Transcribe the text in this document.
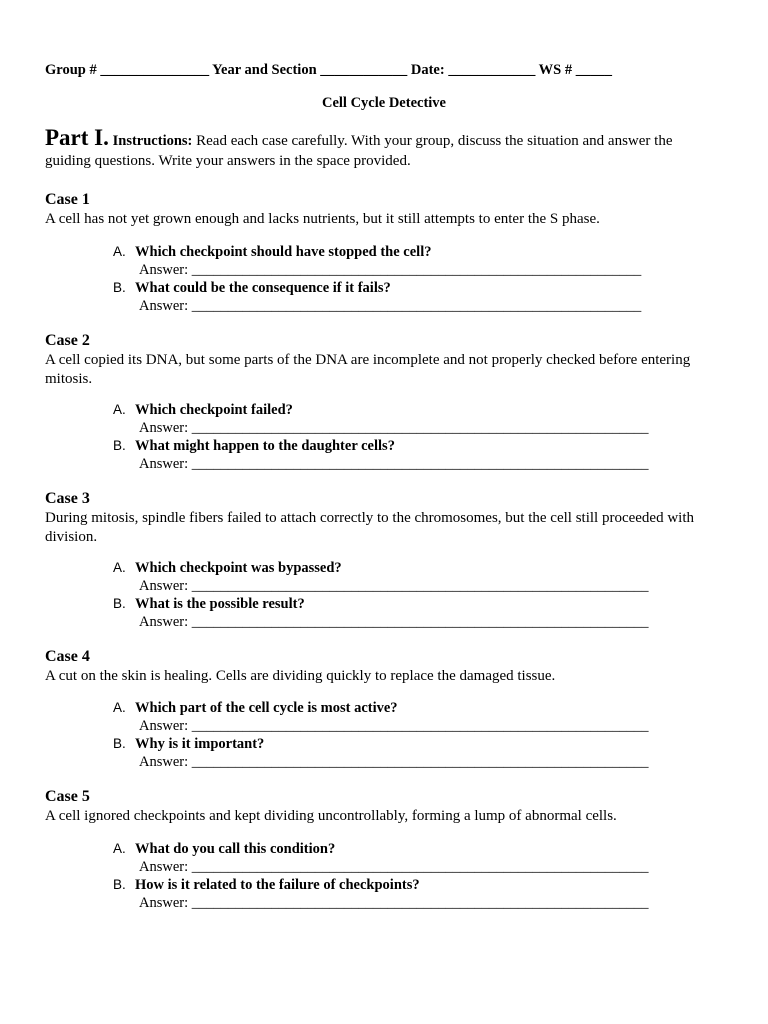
Group # _______________ Year and Section ____________ Date: ____________ WS # _____
Cell Cycle Detective
Part I. Instructions: Read each case carefully. With your group, discuss the situation and answer the guiding questions. Write your answers in the space provided.
Case 1
A cell has not yet grown enough and lacks nutrients, but it still attempts to enter the S phase.
A. Which checkpoint should have stopped the cell?
Answer: ______________________________________________________________
B. What could be the consequence if it fails?
Answer: ______________________________________________________________
Case 2
A cell copied its DNA, but some parts of the DNA are incomplete and not properly checked before entering mitosis.
A. Which checkpoint failed?
Answer: _______________________________________________________________
B. What might happen to the daughter cells?
Answer: _______________________________________________________________
Case 3
During mitosis, spindle fibers failed to attach correctly to the chromosomes, but the cell still proceeded with division.
A. Which checkpoint was bypassed?
Answer: _______________________________________________________________
B. What is the possible result?
Answer: _______________________________________________________________
Case 4
A cut on the skin is healing. Cells are dividing quickly to replace the damaged tissue.
A. Which part of the cell cycle is most active?
Answer: _______________________________________________________________
B. Why is it important?
Answer: _______________________________________________________________
Case 5
A cell ignored checkpoints and kept dividing uncontrollably, forming a lump of abnormal cells.
A. What do you call this condition?
Answer: _______________________________________________________________
B. How is it related to the failure of checkpoints?
Answer: _______________________________________________________________
